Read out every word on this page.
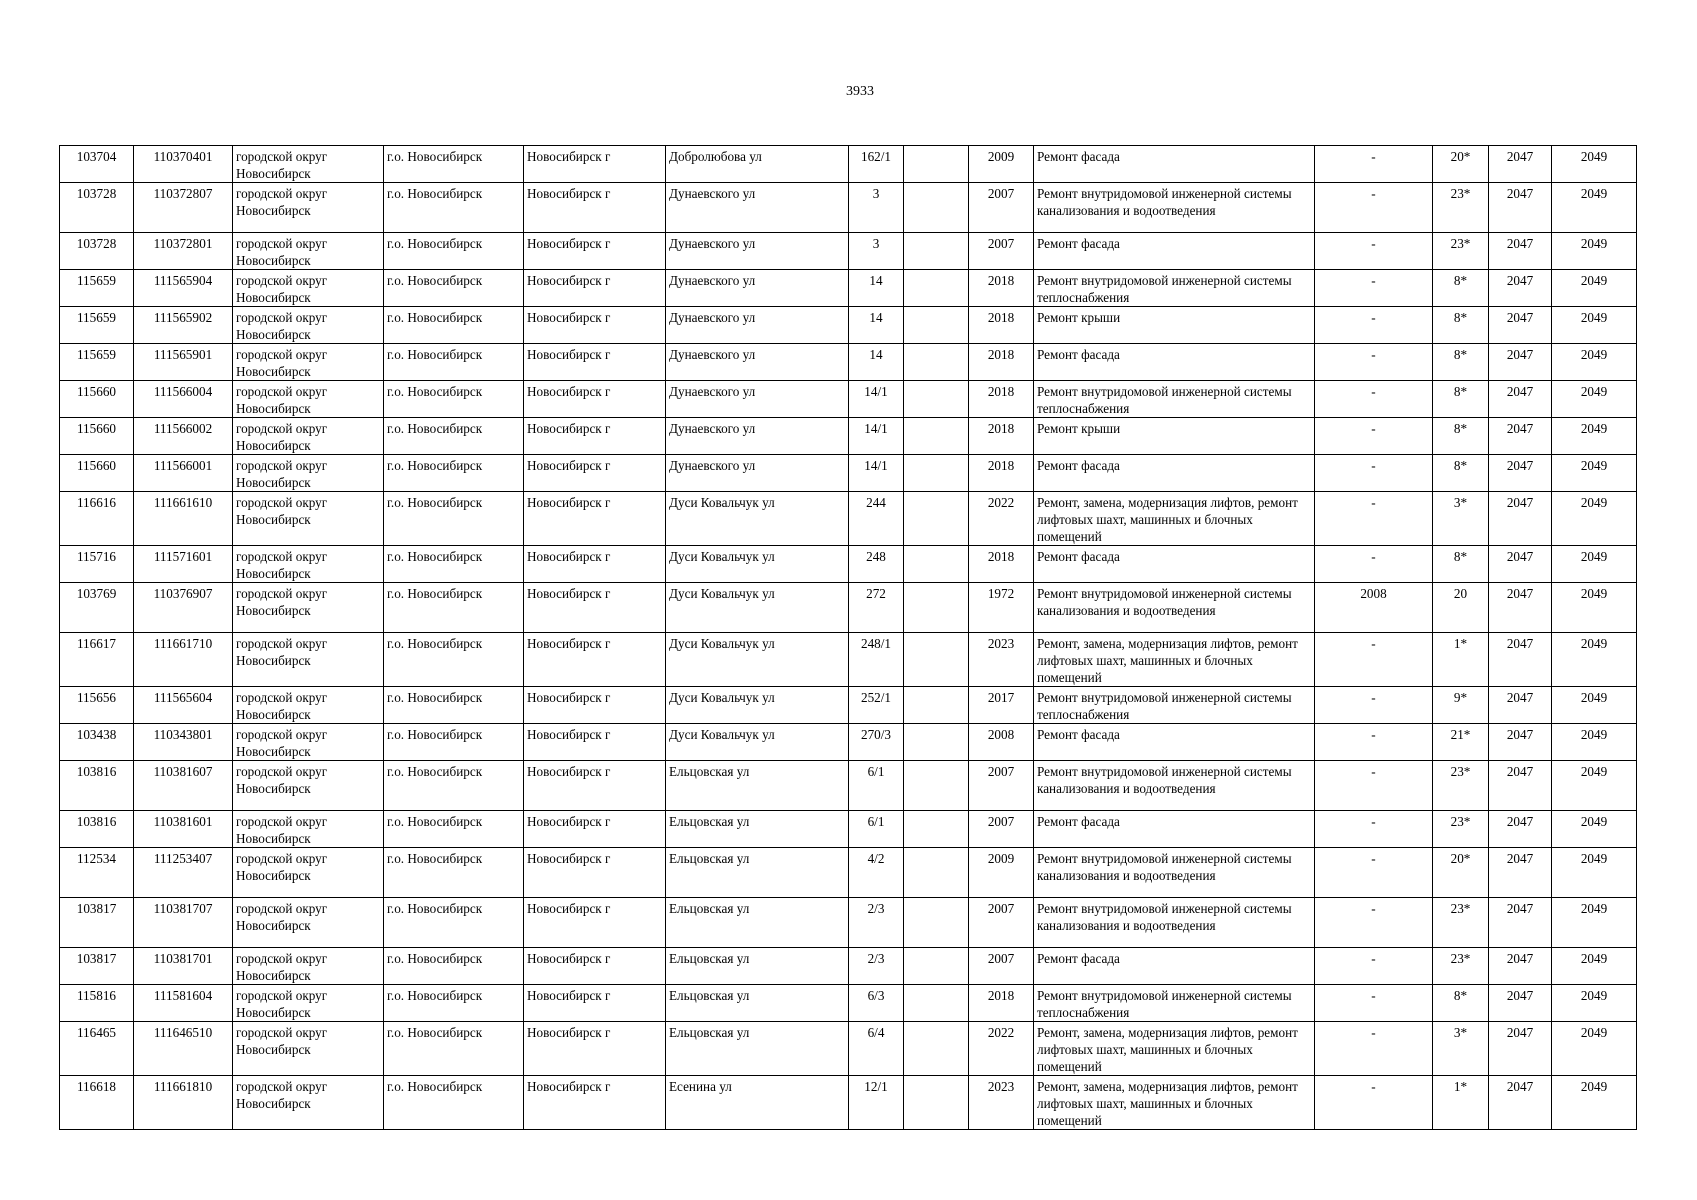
3933
103704	110370401	городской округ Новосибирск	г.о. Новосибирск	Новосибирск г	Добролюбова ул	162/1		2009	Ремонт фасада	-	20*	2047	2049
103728	110372807	городской округ Новосибирск	г.о. Новосибирск	Новосибирск г	Дунаевского ул	3		2007	Ремонт внутридомовой инженерной системы канализования и водоотведения	-	23*	2047	2049
103728	110372801	городской округ Новосибирск	г.о. Новосибирск	Новосибирск г	Дунаевского ул	3		2007	Ремонт фасада	-	23*	2047	2049
115659	111565904	городской округ Новосибирск	г.о. Новосибирск	Новосибирск г	Дунаевского ул	14		2018	Ремонт внутридомовой инженерной системы теплоснабжения	-	8*	2047	2049
115659	111565902	городской округ Новосибирск	г.о. Новосибирск	Новосибирск г	Дунаевского ул	14		2018	Ремонт крыши	-	8*	2047	2049
115659	111565901	городской округ Новосибирск	г.о. Новосибирск	Новосибирск г	Дунаевского ул	14		2018	Ремонт фасада	-	8*	2047	2049
115660	111566004	городской округ Новосибирск	г.о. Новосибирск	Новосибирск г	Дунаевского ул	14/1		2018	Ремонт внутридомовой инженерной системы теплоснабжения	-	8*	2047	2049
115660	111566002	городской округ Новосибирск	г.о. Новосибирск	Новосибирск г	Дунаевского ул	14/1		2018	Ремонт крыши	-	8*	2047	2049
115660	111566001	городской округ Новосибирск	г.о. Новосибирск	Новосибирск г	Дунаевского ул	14/1		2018	Ремонт фасада	-	8*	2047	2049
116616	111661610	городской округ Новосибирск	г.о. Новосибирск	Новосибирск г	Дуси Ковальчук ул	244		2022	Ремонт, замена, модернизация лифтов, ремонт лифтовых шахт, машинных и блочных помещений	-	3*	2047	2049
115716	111571601	городской округ Новосибирск	г.о. Новосибирск	Новосибирск г	Дуси Ковальчук ул	248		2018	Ремонт фасада	-	8*	2047	2049
103769	110376907	городской округ Новосибирск	г.о. Новосибирск	Новосибирск г	Дуси Ковальчук ул	272		1972	Ремонт внутридомовой инженерной системы канализования и водоотведения	2008	20	2047	2049
116617	111661710	городской округ Новосибирск	г.о. Новосибирск	Новосибирск г	Дуси Ковальчук ул	248/1		2023	Ремонт, замена, модернизация лифтов, ремонт лифтовых шахт, машинных и блочных помещений	-	1*	2047	2049
115656	111565604	городской округ Новосибирск	г.о. Новосибирск	Новосибирск г	Дуси Ковальчук ул	252/1		2017	Ремонт внутридомовой инженерной системы теплоснабжения	-	9*	2047	2049
103438	110343801	городской округ Новосибирск	г.о. Новосибирск	Новосибирск г	Дуси Ковальчук ул	270/3		2008	Ремонт фасада	-	21*	2047	2049
103816	110381607	городской округ Новосибирск	г.о. Новосибирск	Новосибирск г	Ельцовская ул	6/1		2007	Ремонт внутридомовой инженерной системы канализования и водоотведения	-	23*	2047	2049
103816	110381601	городской округ Новосибирск	г.о. Новосибирск	Новосибирск г	Ельцовская ул	6/1		2007	Ремонт фасада	-	23*	2047	2049
112534	111253407	городской округ Новосибирск	г.о. Новосибирск	Новосибирск г	Ельцовская ул	4/2		2009	Ремонт внутридомовой инженерной системы канализования и водоотведения	-	20*	2047	2049
103817	110381707	городской округ Новосибирск	г.о. Новосибирск	Новосибирск г	Ельцовская ул	2/3		2007	Ремонт внутридомовой инженерной системы канализования и водоотведения	-	23*	2047	2049
103817	110381701	городской округ Новосибирск	г.о. Новосибирск	Новосибирск г	Ельцовская ул	2/3		2007	Ремонт фасада	-	23*	2047	2049
115816	111581604	городской округ Новосибирск	г.о. Новосибирск	Новосибирск г	Ельцовская ул	6/3		2018	Ремонт внутридомовой инженерной системы теплоснабжения	-	8*	2047	2049
116465	111646510	городской округ Новосибирск	г.о. Новосибирск	Новосибирск г	Ельцовская ул	6/4		2022	Ремонт, замена, модернизация лифтов, ремонт лифтовых шахт, машинных и блочных помещений	-	3*	2047	2049
116618	111661810	городской округ Новосибирск	г.о. Новосибирск	Новосибирск г	Есенина ул	12/1		2023	Ремонт, замена, модернизация лифтов, ремонт лифтовых шахт, машинных и блочных помещений	-	1*	2047	2049
